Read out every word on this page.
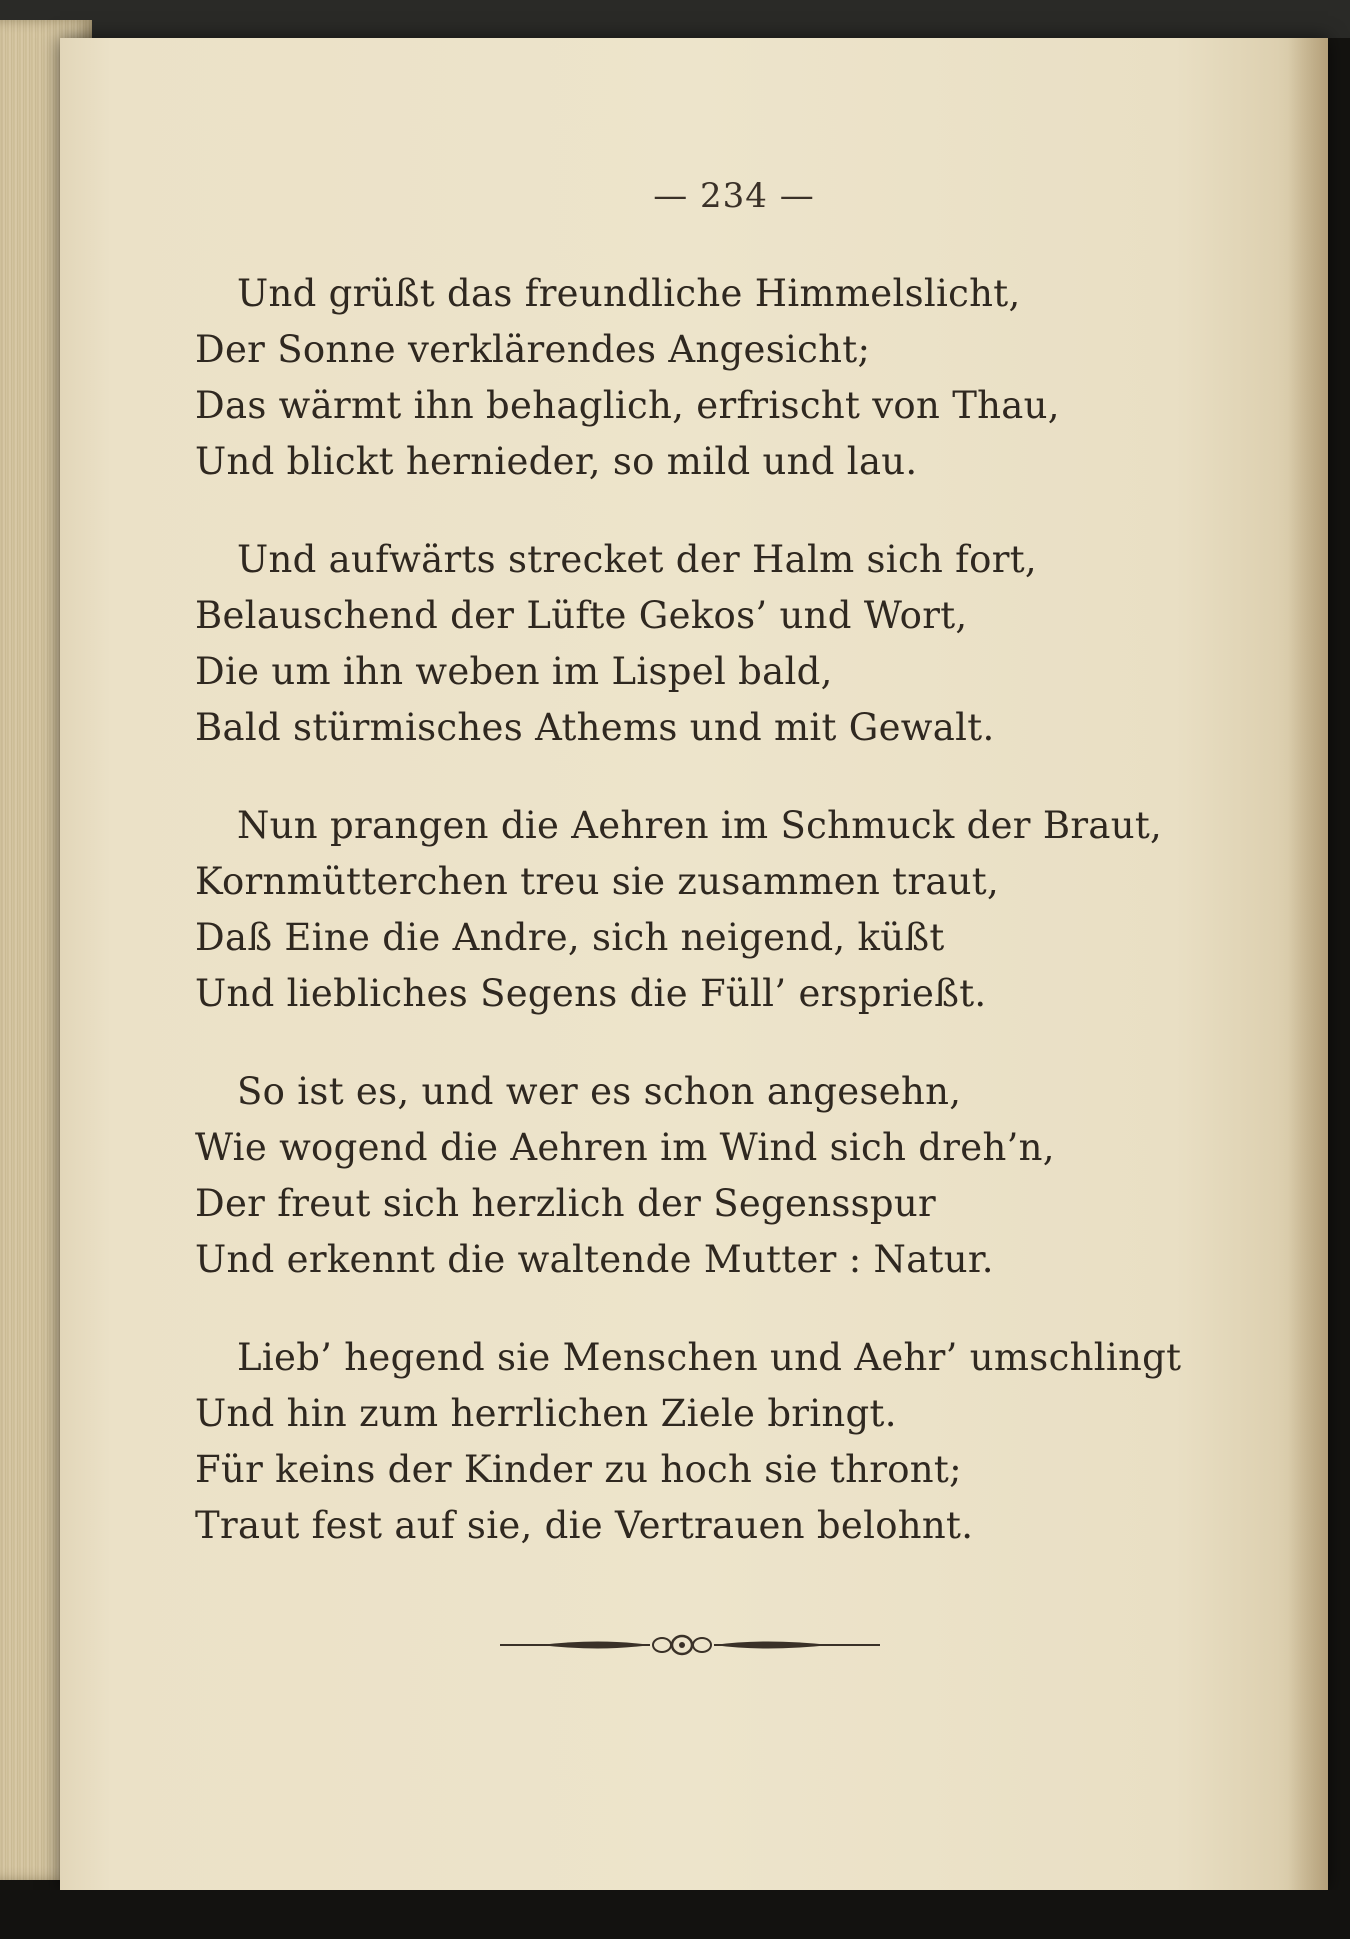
— 234 —
Und grüßt das freundliche Himmelslicht,
Der Sonne verklärendes Angesicht;
Das wärmt ihn behaglich, erfrischt von Thau,
Und blickt hernieder, so mild und lau.
Und aufwärts strecket der Halm sich fort,
Belauschend der Lüfte Gekos’ und Wort,
Die um ihn weben im Lispel bald,
Bald stürmisches Athems und mit Gewalt.
Nun prangen die Aehren im Schmuck der Braut,
Kornmütterchen treu sie zusammen traut,
Daß Eine die Andre, sich neigend, küßt
Und liebliches Segens die Füll’ ersprießt.
So ist es, und wer es schon angesehn,
Wie wogend die Aehren im Wind sich dreh’n,
Der freut sich herzlich der Segensspur
Und erkennt die waltende Mutter : Natur.
Lieb’ hegend sie Menschen und Aehr’ umschlingt
Und hin zum herrlichen Ziele bringt.
Für keins der Kinder zu hoch sie thront;
Traut fest auf sie, die Vertrauen belohnt.
